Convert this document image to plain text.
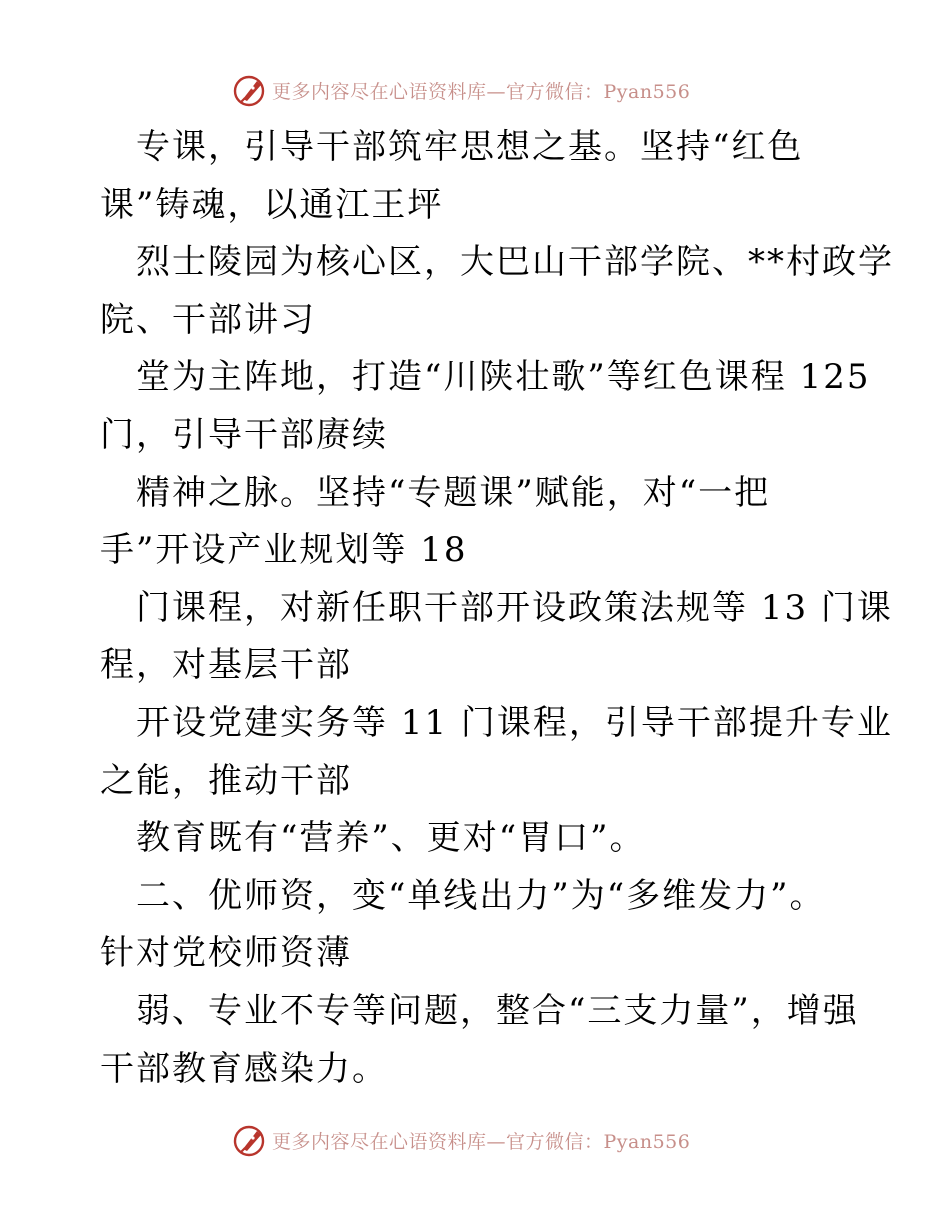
更多内容尽在心语资料库—官方微信：Pyan556
专课，引导干部筑牢思想之基。坚持“红色
课”铸魂，以通江王坪
烈士陵园为核心区，大巴山干部学院、**村政学
院、干部讲习
堂为主阵地，打造“川陕壮歌”等红色课程 125
门，引导干部赓续
精神之脉。坚持“专题课”赋能，对“一把
手”开设产业规划等 18
门课程，对新任职干部开设政策法规等 13 门课
程，对基层干部
开设党建实务等 11 门课程，引导干部提升专业
之能，推动干部
教育既有“营养”、更对“胃口”。
二、优师资，变“单线出力”为“多维发力”。
针对党校师资薄
弱、专业不专等问题，整合“三支力量”，增强
干部教育感染力。
更多内容尽在心语资料库—官方微信：Pyan556
